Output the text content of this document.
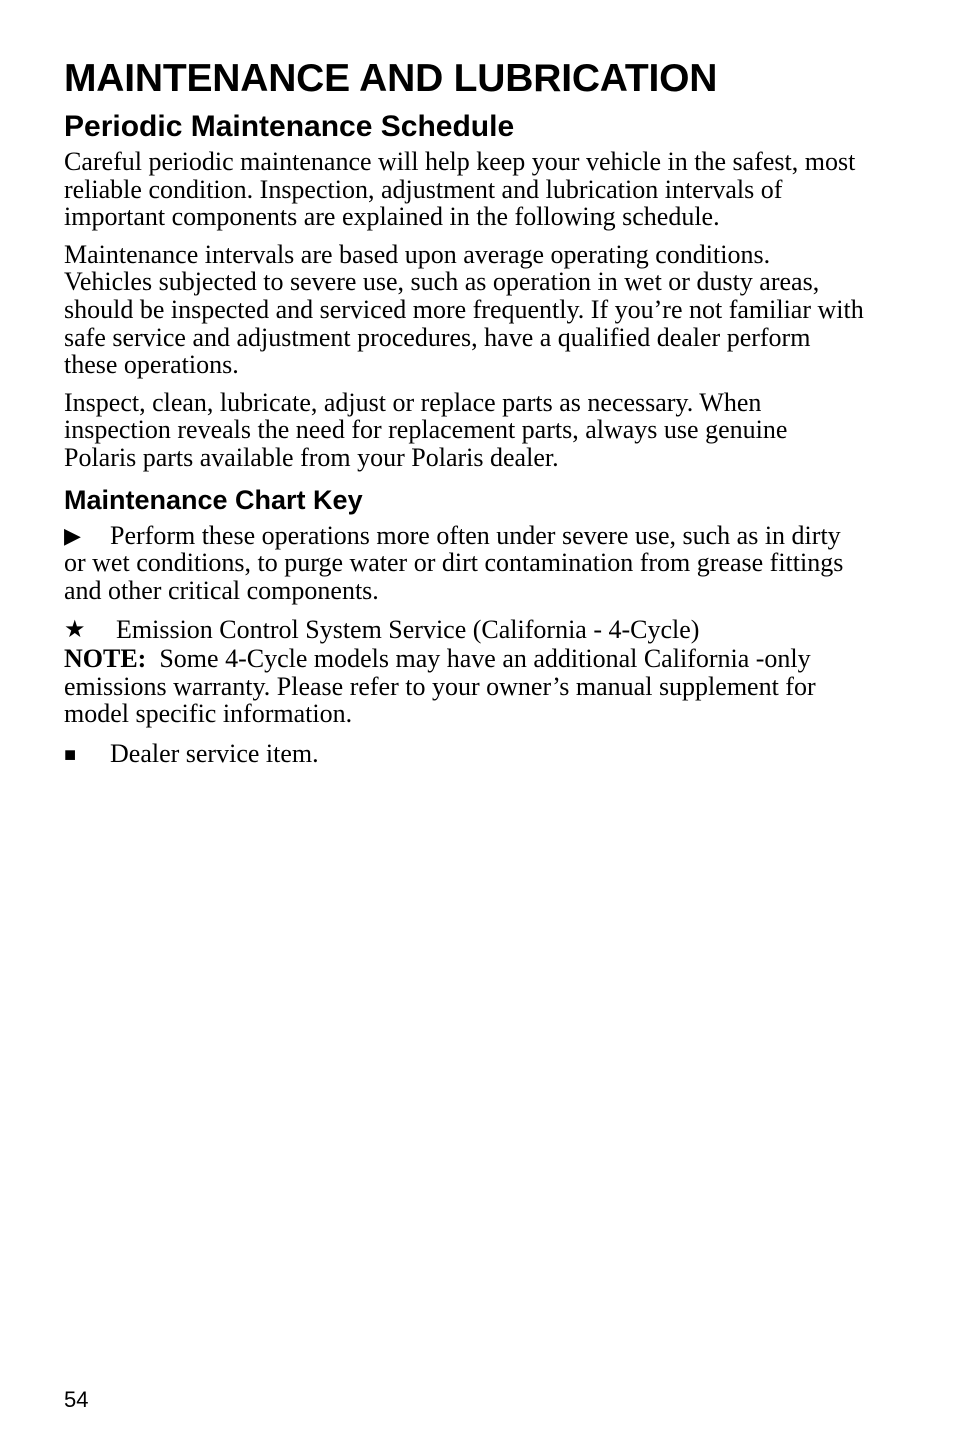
MAINTENANCE AND LUBRICATION
Periodic Maintenance Schedule

Careful periodic maintenance will help keep your vehicle in the safest, most reliable condition. Inspection, adjustment and lubrication intervals of important components are explained in the following schedule.

Maintenance intervals are based upon average operating conditions. Vehicles subjected to severe use, such as operation in wet or dusty areas, should be inspected and serviced more frequently. If you’re not familiar with safe service and adjustment procedures, have a qualified dealer perform these operations.

Inspect, clean, lubricate, adjust or replace parts as necessary. When inspection reveals the need for replacement parts, always use genuine Polaris parts available from your Polaris dealer.

Maintenance Chart Key
▶ Perform these operations more often under severe use, such as in dirty or wet conditions, to purge water or dirt contamination from grease fittings and other critical components.
★ Emission Control System Service (California - 4-Cycle)
NOTE: Some 4-Cycle models may have an additional California -only emissions warranty. Please refer to your owner’s manual supplement for model specific information.
■ Dealer service item.
54
